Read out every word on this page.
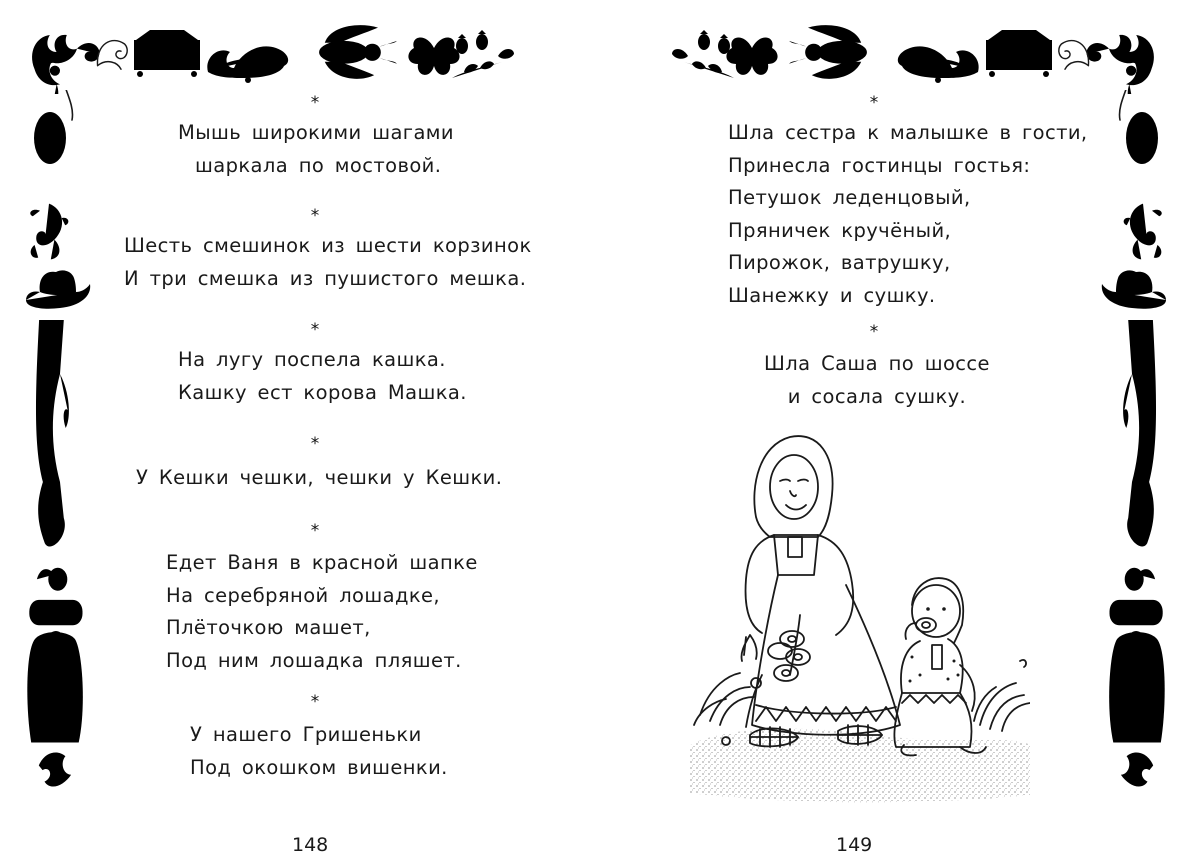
*
Мышь широкими шагами
шаркала по мостовой.
*
Шесть смешинок из шести корзинок
И три смешка из пушистого мешка.
*
На лугу поспела кашка.
Кашку ест корова Машка.
*
У Кешки чешки, чешки у Кешки.
*
Едет Ваня в красной шапке
На серебряной лошадке,
Плёточкою машет,
Под ним лошадка пляшет.
*
У нашего Гришеньки
Под окошком вишенки.
148
*
Шла сестра к малышке в гости,
Принесла гостинцы гостья:
Петушок леденцовый,
Пряничек кручёный,
Пирожок, ватрушку,
Шанежку и сушку.
*
Шла Саша по шоссе
и сосала сушку.
149
